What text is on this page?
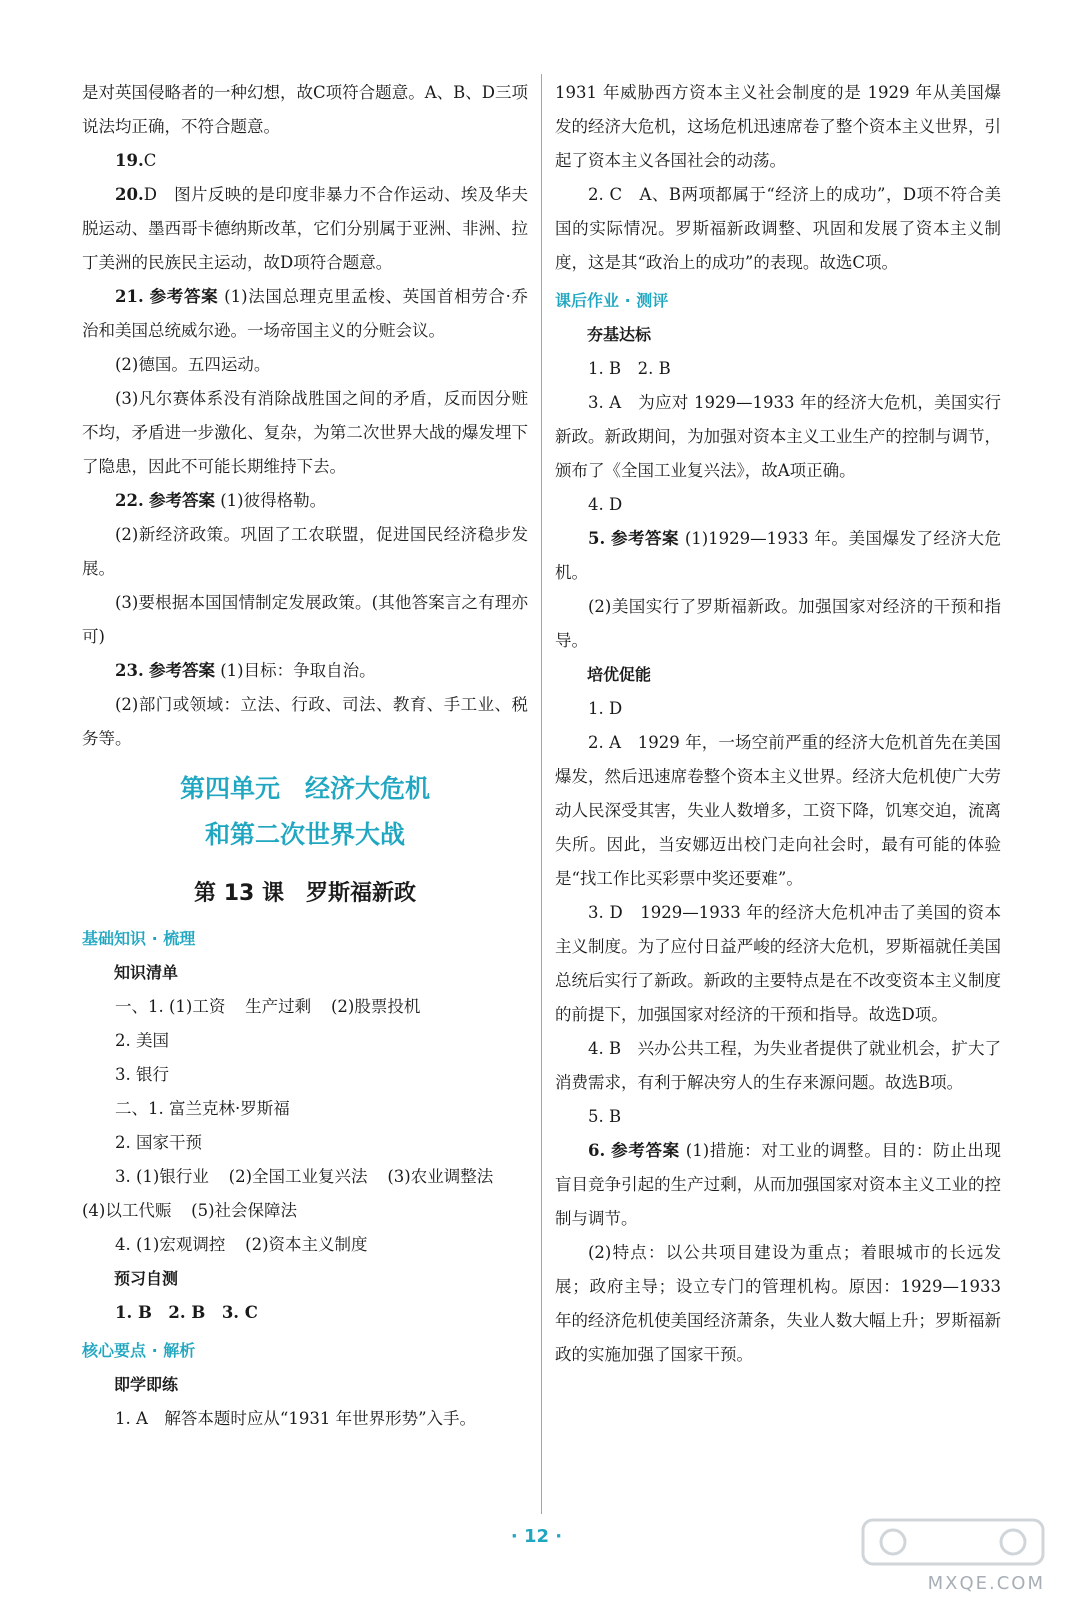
是对英国侵略者的一种幻想，故C项符合题意。A、B、D三项说法均正确，不符合题意。

19.C

20.D　图片反映的是印度非暴力不合作运动、埃及华夫脱运动、墨西哥卡德纳斯改革，它们分别属于亚洲、非洲、拉丁美洲的民族民主运动，故D项符合题意。

21. 参考答案 (1)法国总理克里孟梭、英国首相劳合·乔治和美国总统威尔逊。一场帝国主义的分赃会议。

(2)德国。五四运动。

(3)凡尔赛体系没有消除战胜国之间的矛盾，反而因分赃不均，矛盾进一步激化、复杂，为第二次世界大战的爆发埋下了隐患，因此不可能长期维持下去。

22. 参考答案 (1)彼得格勒。

(2)新经济政策。巩固了工农联盟，促进国民经济稳步发展。

(3)要根据本国国情制定发展政策。(其他答案言之有理亦可)

23. 参考答案 (1)目标：争取自治。

(2)部门或领域：立法、行政、司法、教育、手工业、税务等。

第四单元　经济大危机
和第二次世界大战
第 13 课　罗斯福新政
基础知识 · 梳理
知识清单

一、1. (1)工资 生产过剩 (2)股票投机

2. 美国

3. 银行

二、1. 富兰克林·罗斯福

2. 国家干预

3. (1)银行业 (2)全国工业复兴法 (3)农业调整法

(4)以工代赈 (5)社会保障法

4. (1)宏观调控 (2)资本主义制度

预习自测

1. B　2. B　3. C

核心要点 · 解析
即学即练

1. A　解答本题时应从“1931 年世界形势”入手。

1931 年威胁西方资本主义社会制度的是 1929 年从美国爆发的经济大危机，这场危机迅速席卷了整个资本主义世界，引起了资本主义各国社会的动荡。

2. C　A、B两项都属于“经济上的成功”，D项不符合美国的实际情况。罗斯福新政调整、巩固和发展了资本主义制度，这是其“政治上的成功”的表现。故选C项。

课后作业 · 测评
夯基达标

1. B　2. B

3. A　为应对 1929—1933 年的经济大危机，美国实行新政。新政期间，为加强对资本主义工业生产的控制与调节，颁布了《全国工业复兴法》，故A项正确。

4. D

5. 参考答案 (1)1929—1933 年。美国爆发了经济大危机。

(2)美国实行了罗斯福新政。加强国家对经济的干预和指导。

培优促能

1. D

2. A　1929 年，一场空前严重的经济大危机首先在美国爆发，然后迅速席卷整个资本主义世界。经济大危机使广大劳动人民深受其害，失业人数增多，工资下降，饥寒交迫，流离失所。因此，当安娜迈出校门走向社会时，最有可能的体验是“找工作比买彩票中奖还要难”。

3. D　1929—1933 年的经济大危机冲击了美国的资本主义制度。为了应付日益严峻的经济大危机，罗斯福就任美国总统后实行了新政。新政的主要特点是在不改变资本主义制度的前提下，加强国家对经济的干预和指导。故选D项。

4. B　兴办公共工程，为失业者提供了就业机会，扩大了消费需求，有利于解决穷人的生存来源问题。故选B项。

5. B

6. 参考答案 (1)措施：对工业的调整。目的：防止出现盲目竞争引起的生产过剩，从而加强国家对资本主义工业的控制与调节。

(2)特点：以公共项目建设为重点；着眼城市的长远发展；政府主导；设立专门的管理机构。原因：1929—1933 年的经济危机使美国经济萧条，失业人数大幅上升；罗斯福新政的实施加强了国家干预。

· 12 ·
MXQE.COM
